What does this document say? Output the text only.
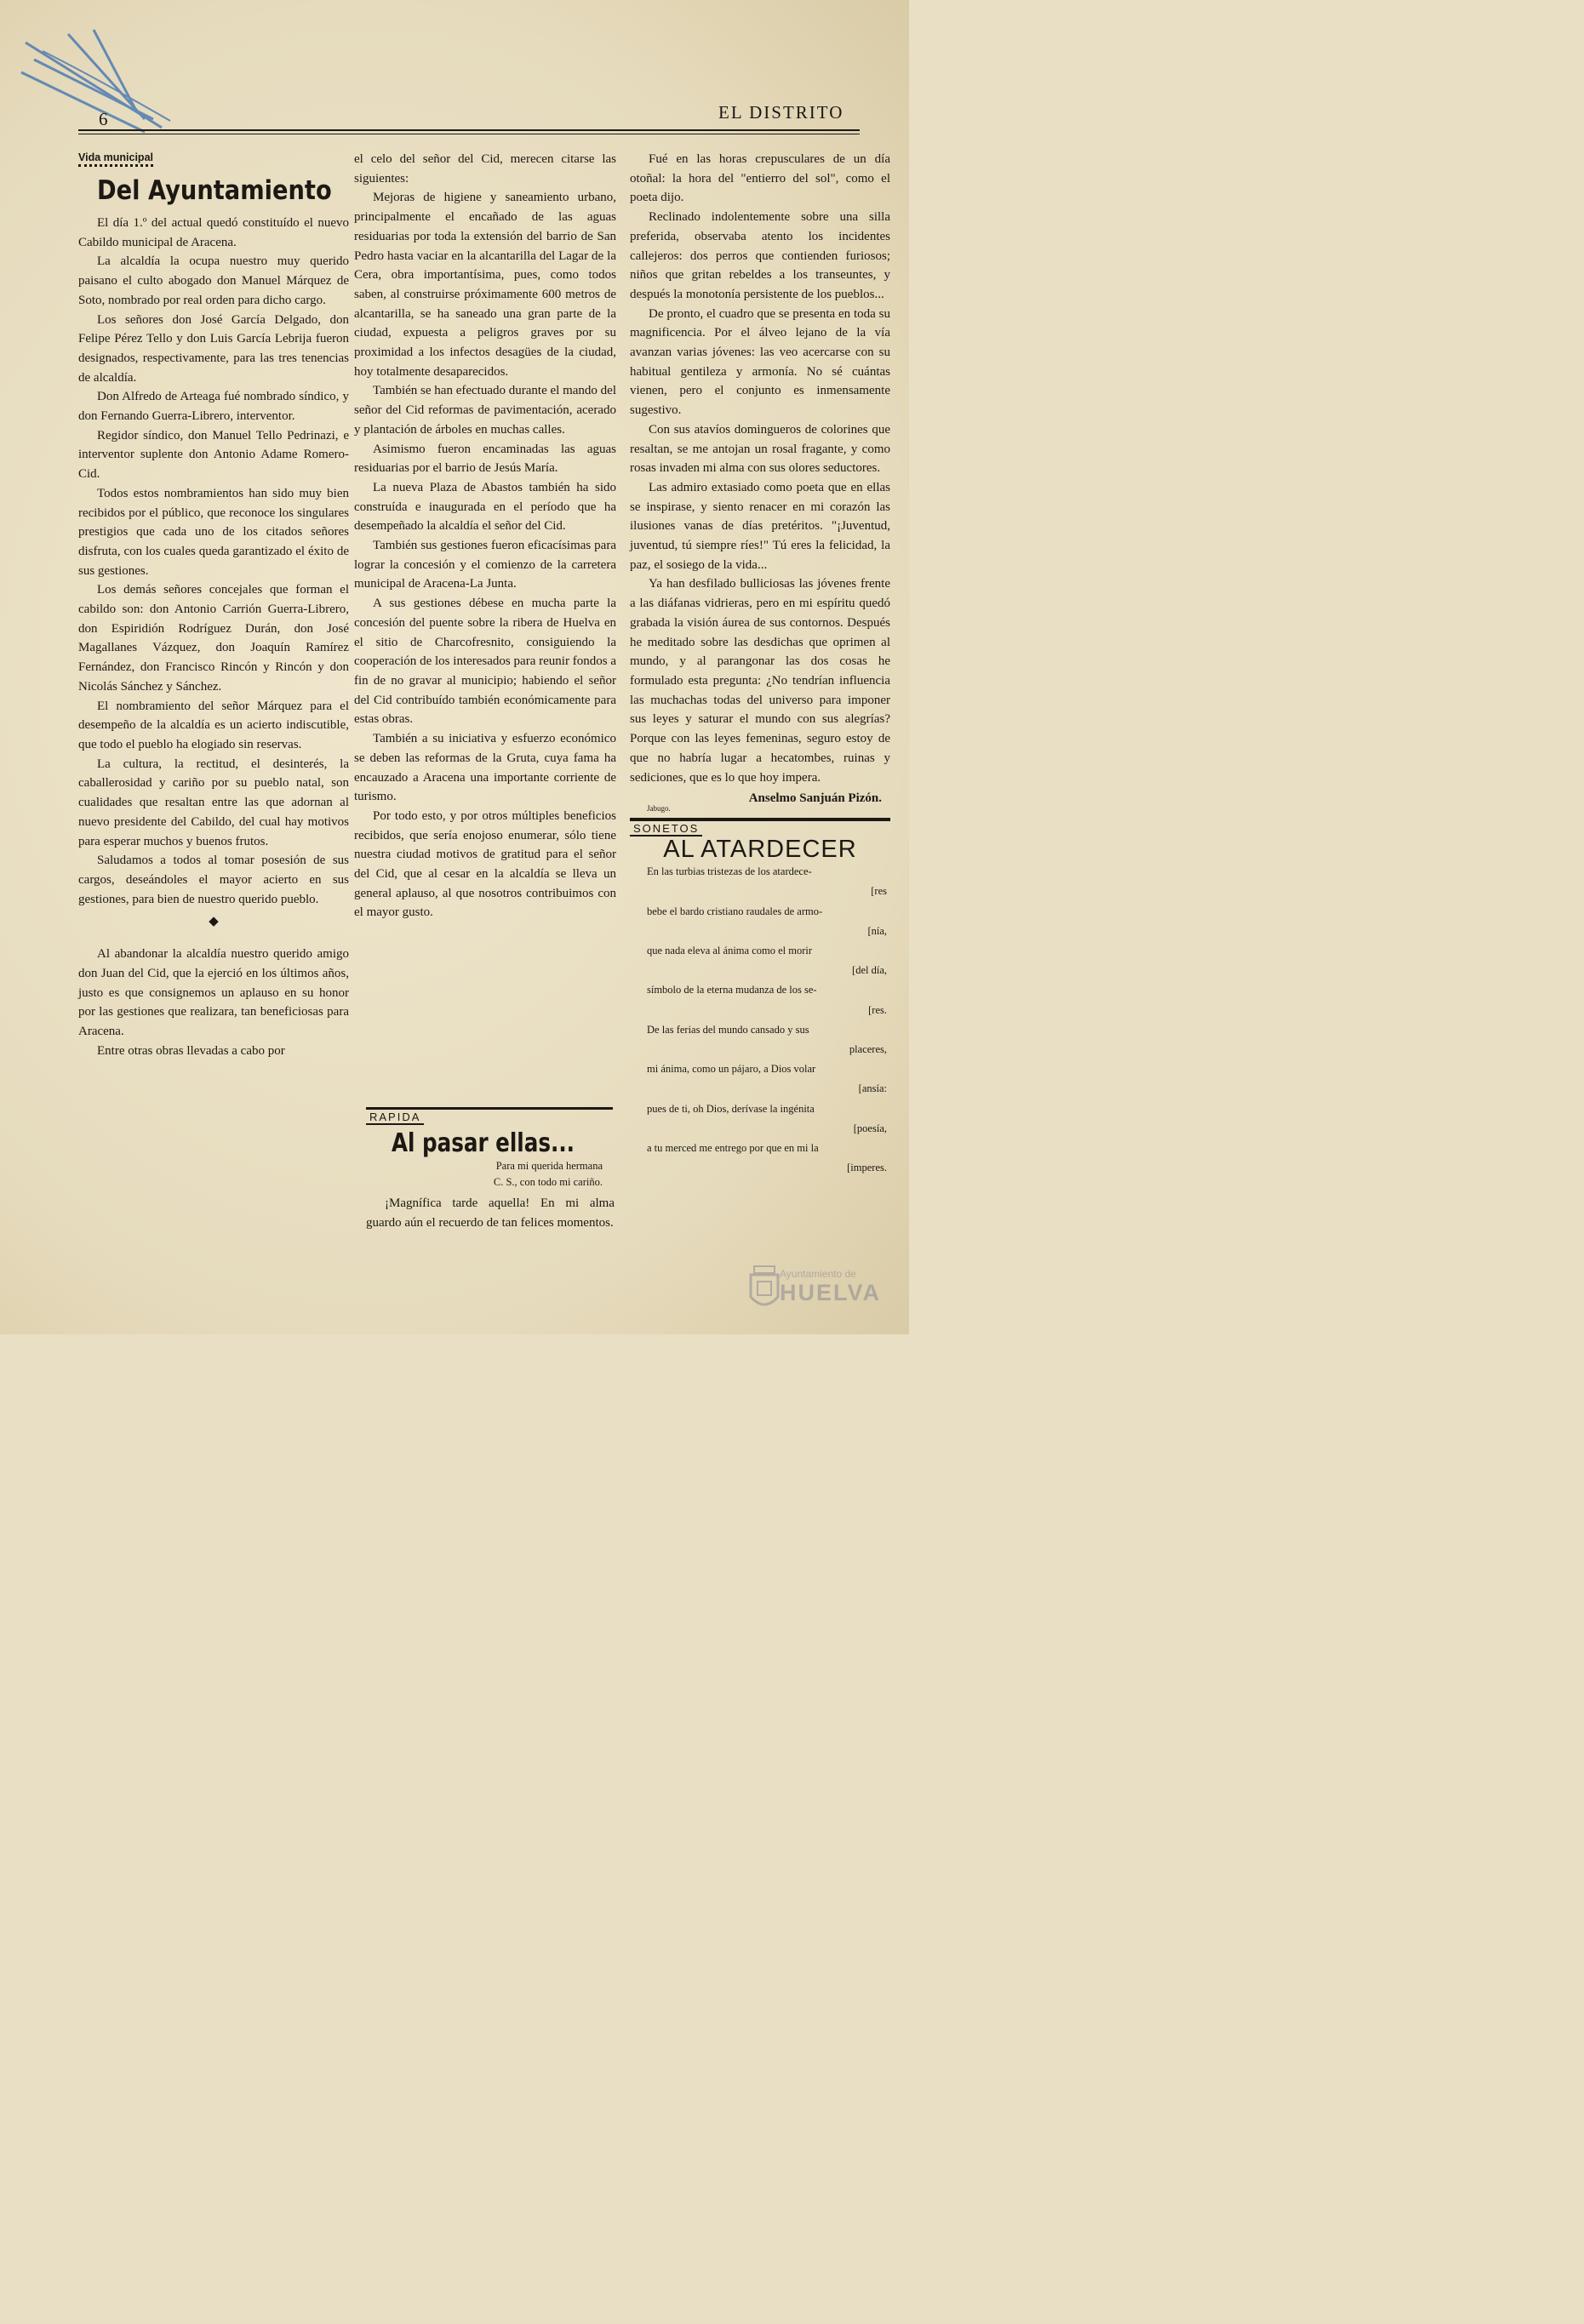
6	EL DISTRITO
Vida municipal
Del Ayuntamiento

El día 1.º del actual quedó constituído el nuevo Cabildo municipal de Aracena.

La alcaldía la ocupa nuestro muy querido paisano el culto abogado don Manuel Márquez de Soto, nombrado por real orden para dicho cargo.

Los señores don José García Delgado, don Felipe Pérez Tello y don Luis García Lebrija fueron designados, respectivamente, para las tres tenencias de alcaldía.

Don Alfredo de Arteaga fué nombrado síndico, y don Fernando Guerra-Librero, interventor.

Regidor síndico, don Manuel Tello Pedrinazi, e interventor suplente don Antonio Adame Romero-Cid.

Todos estos nombramientos han sido muy bien recibidos por el público, que reconoce los singulares prestigios que cada uno de los citados señores disfruta, con los cuales queda garantizado el éxito de sus gestiones.

Los demás señores concejales que forman el cabildo son: don Antonio Carrión Guerra-Librero, don Espiridión Rodríguez Durán, don José Magallanes Vázquez, don Joaquín Ramírez Fernández, don Francisco Rincón y Rincón y don Nicolás Sánchez y Sánchez.

El nombramiento del señor Márquez para el desempeño de la alcaldía es un acierto indiscutible, que todo el pueblo ha elogiado sin reservas.

La cultura, la rectitud, el desinterés, la caballerosidad y cariño por su pueblo natal, son cualidades que resaltan entre las que adornan al nuevo presidente del Cabildo, del cual hay motivos para esperar muchos y buenos frutos.

Saludamos a todos al tomar posesión de sus cargos, deseándoles el mayor acierto en sus gestiones, para bien de nuestro querido pueblo.

◆

Al abandonar la alcaldía nuestro querido amigo don Juan del Cid, que la ejerció en los últimos años, justo es que consignemos un aplauso en su honor por las gestiones que realizara, tan beneficiosas para Aracena.

Entre otras obras llevadas a cabo por

el celo del señor del Cid, merecen citarse las siguientes:

Mejoras de higiene y saneamiento urbano, principalmente el encañado de las aguas residuarias por toda la extensión del barrio de San Pedro hasta vaciar en la alcantarilla del Lagar de la Cera, obra importantísima, pues, como todos saben, al construirse próximamente 600 metros de alcantarilla, se ha saneado una gran parte de la ciudad, expuesta a peligros graves por su proximidad a los infectos desagües de la ciudad, hoy totalmente desaparecidos.

También se han efectuado durante el mando del señor del Cid reformas de pavimentación, acerado y plantación de árboles en muchas calles.

Asimismo fueron encaminadas las aguas residuarias por el barrio de Jesús María.

La nueva Plaza de Abastos también ha sido construída e inaugurada en el período que ha desempeñado la alcaldía el señor del Cid.

También sus gestiones fueron eficacísimas para lograr la concesión y el comienzo de la carretera municipal de Aracena-La Junta.

A sus gestiones débese en mucha parte la concesión del puente sobre la ribera de Huelva en el sitio de Charcofresnito, consiguiendo la cooperación de los interesados para reunir fondos a fin de no gravar al municipio; habiendo el señor del Cid contribuído también económicamente para estas obras.

También a su iniciativa y esfuerzo económico se deben las reformas de la Gruta, cuya fama ha encauzado a Aracena una importante corriente de turismo.

Por todo esto, y por otros múltiples beneficios recibidos, que sería enojoso enumerar, sólo tiene nuestra ciudad motivos de gratitud para el señor del Cid, que al cesar en la alcaldía se lleva un general aplauso, al que nosotros contribuimos con el mayor gusto.

RAPIDA
Al pasar ellas...
Para mi querida hermana
C. S., con todo mi cariño.

¡Magnífica tarde aquella! En mi alma guardo aún el recuerdo de tan felices momentos.

Fué en las horas crepusculares de un día otoñal: la hora del "entierro del sol", como el poeta dijo.

Reclinado indolentemente sobre una silla preferida, observaba atento los incidentes callejeros: dos perros que contienden furiosos; niños que gritan rebeldes a los transeuntes, y después la monotonía persistente de los pueblos...

De pronto, el cuadro que se presenta en toda su magnificencia. Por el álveo lejano de la vía avanzan varias jóvenes: las veo acercarse con su habitual gentileza y armonía. No sé cuántas vienen, pero el conjunto es inmensamente sugestivo.

Con sus atavíos domingueros de colorines que resaltan, se me antojan un rosal fragante, y como rosas invaden mi alma con sus olores seductores.

Las admiro extasiado como poeta que en ellas se inspirase, y siento renacer en mi corazón las ilusiones vanas de días pretéritos. "¡Juventud, juventud, tú siempre ríes!" Tú eres la felicidad, la paz, el sosiego de la vida...

Ya han desfilado bulliciosas las jóvenes frente a las diáfanas vidrieras, pero en mi espíritu quedó grabada la visión áurea de sus contornos. Después he meditado sobre las desdichas que oprimen al mundo, y al parangonar las dos cosas he formulado esta pregunta: ¿No tendrían influencia las muchachas todas del universo para imponer sus leyes y saturar el mundo con sus alegrías? Porque con las leyes femeninas, seguro estoy de que no habría lugar a hecatombes, ruinas y sediciones, que es lo que hoy impera.

Anselmo Sanjuán Pizón.
Jabugo.
SONETOS
AL ATARDECER
En las turbias tristezas de los atardece-
[res
bebe el bardo cristiano raudales de armo-
[nía,
que nada eleva al ánima como el morir
[del día,
símbolo de la eterna mudanza de los se-
[res.
De las ferias del mundo cansado y sus
placeres,
mi ánima, como un pájaro, a Dios volar
[ansía:
pues de ti, oh Dios, derívase la ingénita
[poesía,
a tu merced me entrego por que en mi la
[imperes.
Ayuntamiento de
HUELVA
